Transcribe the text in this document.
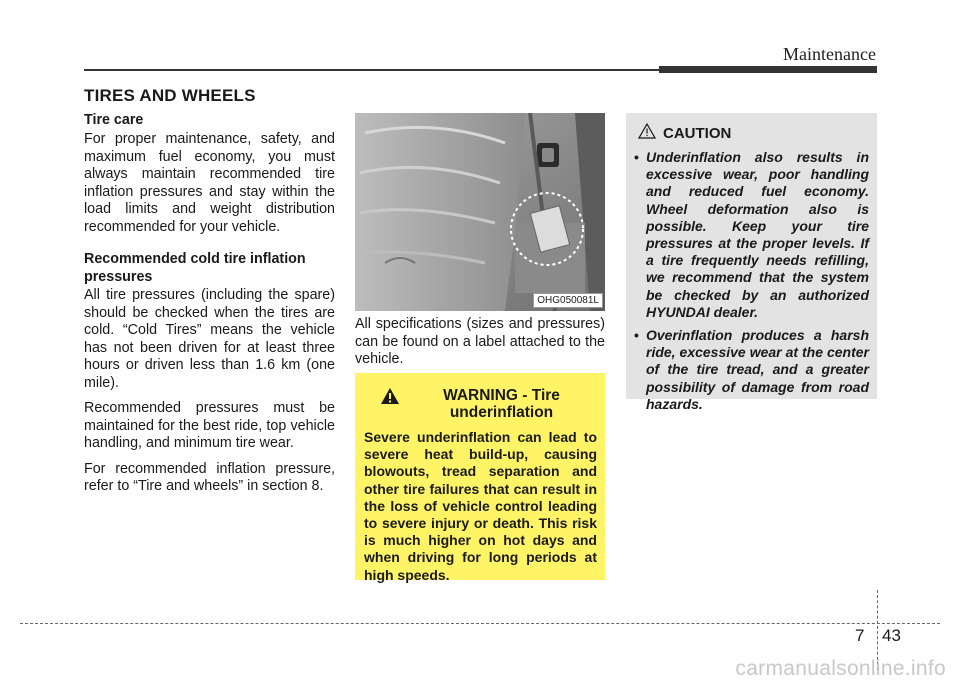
Maintenance
TIRES AND WHEELS
Tire care

For proper maintenance, safety, and maximum fuel economy, you must always maintain recommended tire inflation pressures and stay within the load limits and weight distribution recommended for your vehicle.

Recommended cold tire inflation pressures

All tire pressures (including the spare) should be checked when the tires are cold. “Cold Tires” means the vehicle has not been driven for at least three hours or driven less than 1.6 km (one mile).

Recommended pressures must be maintained for the best ride, top vehicle handling, and minimum tire wear.

For recommended inflation pressure, refer to “Tire and wheels” in section 8.

OHG050081L
All specifications (sizes and pressures) can be found on a label attached to the vehicle.
WARNING - Tire underinflation
Severe underinflation can lead to severe heat build-up, causing blowouts, tread separation and other tire failures that can result in the loss of vehicle control leading to severe injury or death. This risk is much higher on hot days and when driving for long periods at high speeds.
CAUTION
• Underinflation also results in excessive wear, poor handling and reduced fuel economy. Wheel deformation also is possible. Keep your tire pressures at the proper levels. If a tire frequently needs refilling, we recommend that the system be checked by an authorized HYUNDAI dealer.
• Overinflation produces a harsh ride, excessive wear at the center of the tire tread, and a greater possibility of damage from road hazards.
7 43
carmanualsonline.info
